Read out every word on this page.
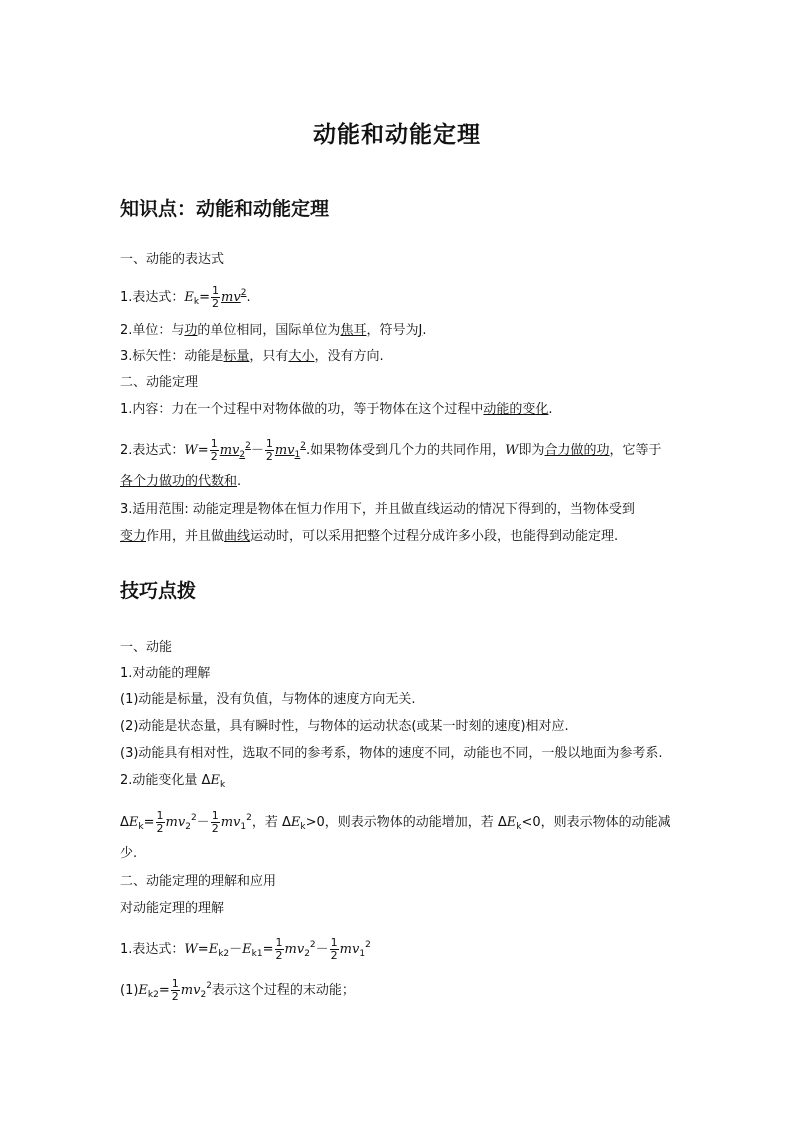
动能和动能定理
知识点：动能和动能定理
一、动能的表达式
1.表达式：$E_k= \frac{1}{2} mv^2$.
2.单位：与功的单位相同，国际单位为焦耳，符号为J.
3.标矢性：动能是标量，只有大小，没有方向.
二、动能定理
1.内容：力在一个过程中对物体做的功，等于物体在这个过程中动能的变化.
2.表达式：$W= \frac{1}{2} mv_2^2- \frac{1}{2} mv_1^2$.如果物体受到几个力的共同作用，W即为合力做的功，它等于
各个力做功的代数和.
3.适用范围: 动能定理是物体在恒力作用下，并且做直线运动的情况下得到的，当物体受到
变力作用，并且做曲线运动时，可以采用把整个过程分成许多小段，也能得到动能定理.
技巧点拨
一、动能
1.对动能的理解
(1)动能是标量，没有负值，与物体的速度方向无关.
(2)动能是状态量，具有瞬时性，与物体的运动状态(或某一时刻的速度)相对应.
(3)动能具有相对性，选取不同的参考系，物体的速度不同，动能也不同，一般以地面为参考系.
2.动能变化量 $\Delta E_k$
$\Delta E_k= \frac{1}{2} mv_2^2- \frac{1}{2} mv_1^2$，若 $\Delta E_k>0$，则表示物体的动能增加，若 $\Delta E_k<0$，则表示物体的动能减
少.
二、动能定理的理解和应用
对动能定理的理解
1.表达式：$W=E_{k2}-E_{k1}= \frac{1}{2} mv_2^2- \frac{1}{2} mv_1^2$
$(1)E_{k2}= \frac{1}{2} mv_2^2$表示这个过程的末动能；
